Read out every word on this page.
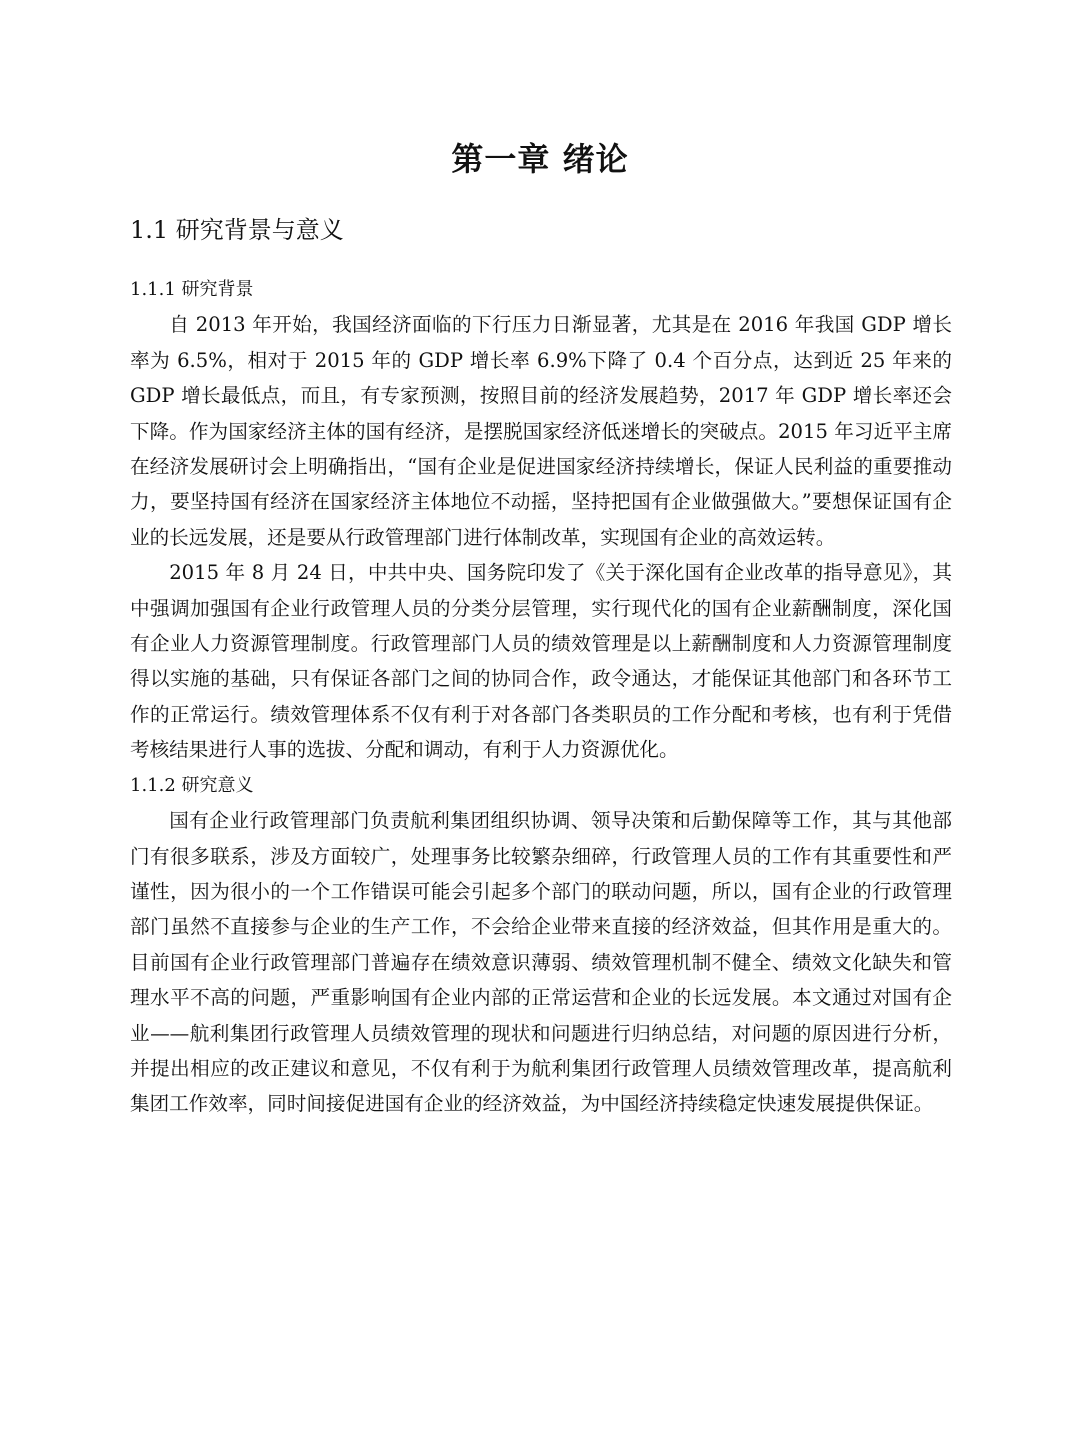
第一章 绪论
1.1 研究背景与意义
1.1.1 研究背景

自 2013 年开始，我国经济面临的下行压力日渐显著，尤其是在 2016 年我国 GDP 增长率为 6.5%，相对于 2015 年的 GDP 增长率 6.9%下降了 0.4 个百分点，达到近 25 年来的 GDP 增长最低点，而且，有专家预测，按照目前的经济发展趋势，2017 年 GDP 增长率还会下降。作为国家经济主体的国有经济，是摆脱国家经济低迷增长的突破点。2015 年习近平主席在经济发展研讨会上明确指出，“国有企业是促进国家经济持续增长，保证人民利益的重要推动力，要坚持国有经济在国家经济主体地位不动摇，坚持把国有企业做强做大。”要想保证国有企业的长远发展，还是要从行政管理部门进行体制改革，实现国有企业的高效运转。

2015 年 8 月 24 日，中共中央、国务院印发了《关于深化国有企业改革的指导意见》，其中强调加强国有企业行政管理人员的分类分层管理，实行现代化的国有企业薪酬制度，深化国有企业人力资源管理制度。行政管理部门人员的绩效管理是以上薪酬制度和人力资源管理制度得以实施的基础，只有保证各部门之间的协同合作，政令通达，才能保证其他部门和各环节工作的正常运行。绩效管理体系不仅有利于对各部门各类职员的工作分配和考核，也有利于凭借考核结果进行人事的选拔、分配和调动，有利于人力资源优化。

1.1.2 研究意义

国有企业行政管理部门负责航利集团组织协调、领导决策和后勤保障等工作，其与其他部门有很多联系，涉及方面较广，处理事务比较繁杂细碎，行政管理人员的工作有其重要性和严谨性，因为很小的一个工作错误可能会引起多个部门的联动问题，所以，国有企业的行政管理部门虽然不直接参与企业的生产工作，不会给企业带来直接的经济效益，但其作用是重大的。目前国有企业行政管理部门普遍存在绩效意识薄弱、绩效管理机制不健全、绩效文化缺失和管理水平不高的问题，严重影响国有企业内部的正常运营和企业的长远发展。本文通过对国有企业——航利集团行政管理人员绩效管理的现状和问题进行归纳总结，对问题的原因进行分析，并提出相应的改正建议和意见，不仅有利于为航利集团行政管理人员绩效管理改革，提高航利集团工作效率，同时间接促进国有企业的经济效益，为中国经济持续稳定快速发展提供保证。
